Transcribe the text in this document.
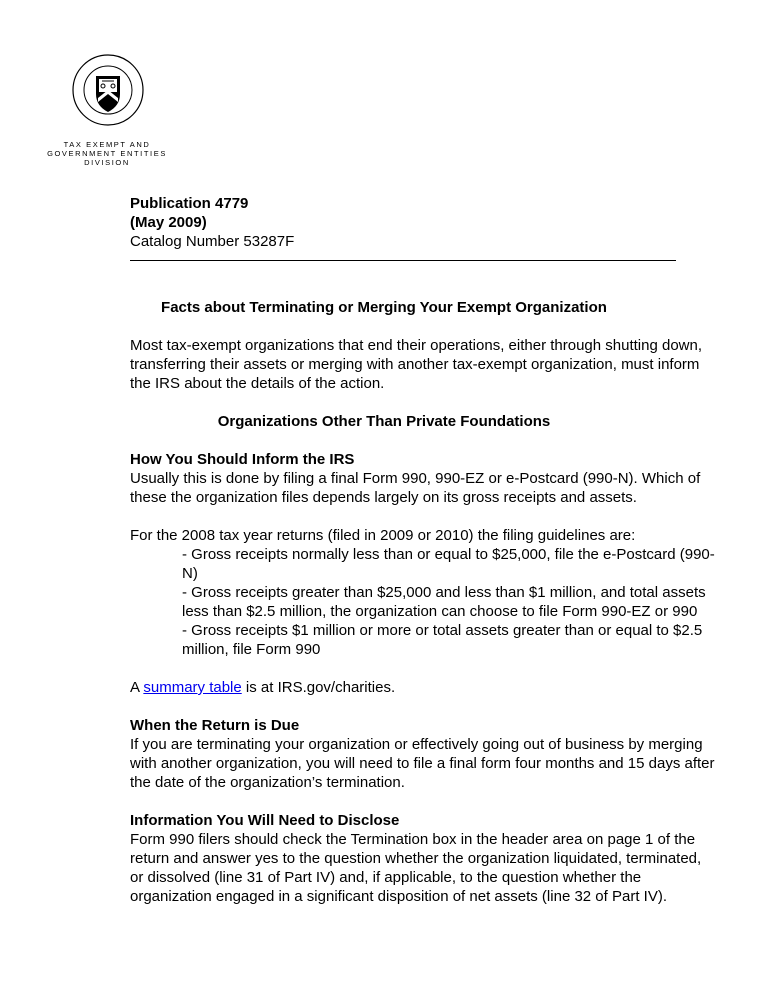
TAX EXEMPT AND
GOVERNMENT ENTITIES
DIVISION
Publication 4779
(May 2009)
Catalog Number 53287F
Facts about Terminating or Merging Your Exempt Organization
Most tax-exempt organizations that end their operations, either through shutting down,
transferring their assets or merging with another tax-exempt organization, must inform
the IRS about the details of the action.
Organizations Other Than Private Foundations
How You Should Inform the IRS
Usually this is done by filing a final Form 990, 990-EZ or e-Postcard (990-N). Which of
these the organization files depends largely on its gross receipts and assets.
For the 2008 tax year returns (filed in 2009 or 2010) the filing guidelines are:
- Gross receipts normally less than or equal to $25,000, file the e-Postcard (990-
N)
- Gross receipts greater than $25,000 and less than $1 million, and total assets
less than $2.5 million, the organization can choose to file Form 990-EZ or 990
- Gross receipts $1 million or more or total assets greater than or equal to $2.5
million, file Form 990
A summary table is at IRS.gov/charities.
When the Return is Due
If you are terminating your organization or effectively going out of business by merging
with another organization, you will need to file a final form four months and 15 days after
the date of the organization’s termination.
Information You Will Need to Disclose
Form 990 filers should check the Termination box in the header area on page 1 of the
return and answer yes to the question whether the organization liquidated, terminated,
or dissolved (line 31 of Part IV) and, if applicable, to the question whether the
organization engaged in a significant disposition of net assets (line 32 of Part IV).
